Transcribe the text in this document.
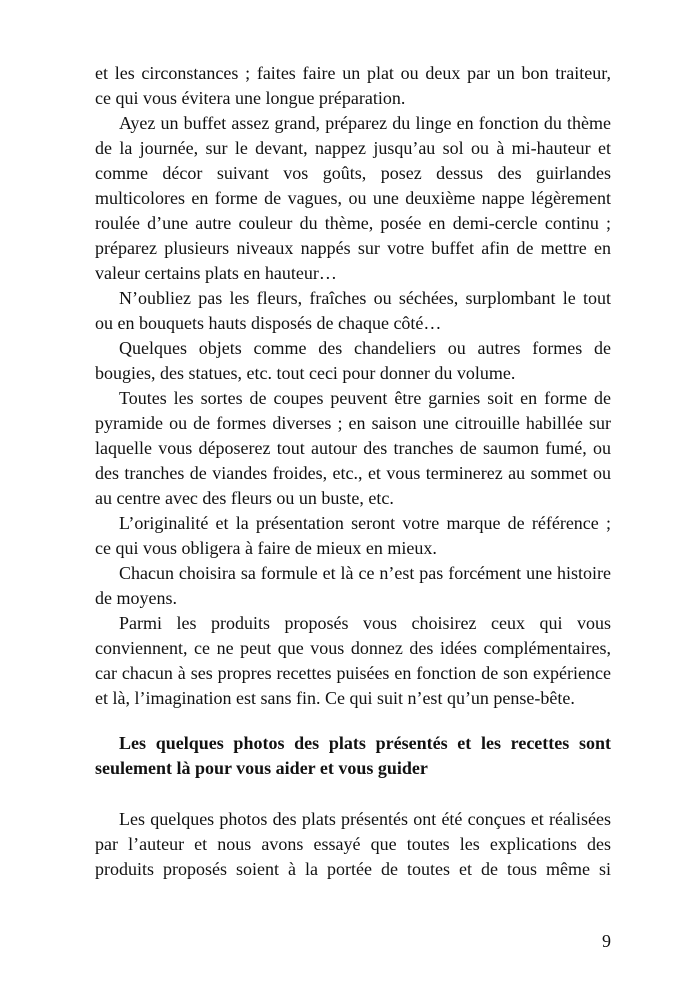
et les circonstances ; faites faire un plat ou deux par un bon traiteur,
ce qui vous évitera une longue préparation.
Ayez un buffet assez grand, préparez du linge en fonction du thème
de la journée, sur le devant, nappez jusqu’au sol ou à mi-hauteur et
comme décor suivant vos goûts, posez dessus des guirlandes
multicolores en forme de vagues, ou une deuxième nappe légèrement
roulée d’une autre couleur du thème, posée en demi-cercle continu ;
préparez plusieurs niveaux nappés sur votre buffet afin de mettre en
valeur certains plats en hauteur…
N’oubliez pas les fleurs, fraîches ou séchées, surplombant le tout
ou en bouquets hauts disposés de chaque côté…
Quelques objets comme des chandeliers ou autres formes de
bougies, des statues, etc. tout ceci pour donner du volume.
Toutes les sortes de coupes peuvent être garnies soit en forme de
pyramide ou de formes diverses ; en saison une citrouille habillée sur
laquelle vous déposerez tout autour des tranches de saumon fumé, ou
des tranches de viandes froides, etc., et vous terminerez au sommet ou
au centre avec des fleurs ou un buste, etc.
L’originalité et la présentation seront votre marque de référence ;
ce qui vous obligera à faire de mieux en mieux.
Chacun choisira sa formule et là ce n’est pas forcément une histoire
de moyens.
Parmi les produits proposés vous choisirez ceux qui vous
conviennent, ce ne peut que vous donnez des idées complémentaires,
car chacun à ses propres recettes puisées en fonction de son expérience
et là, l’imagination est sans fin. Ce qui suit n’est qu’un pense-bête.
Les quelques photos des plats présentés et les recettes sont
seulement là pour vous aider et vous guider
Les quelques photos des plats présentés ont été conçues et réalisées
par l’auteur et nous avons essayé que toutes les explications des
produits proposés soient à la portée de toutes et de tous même si
9
